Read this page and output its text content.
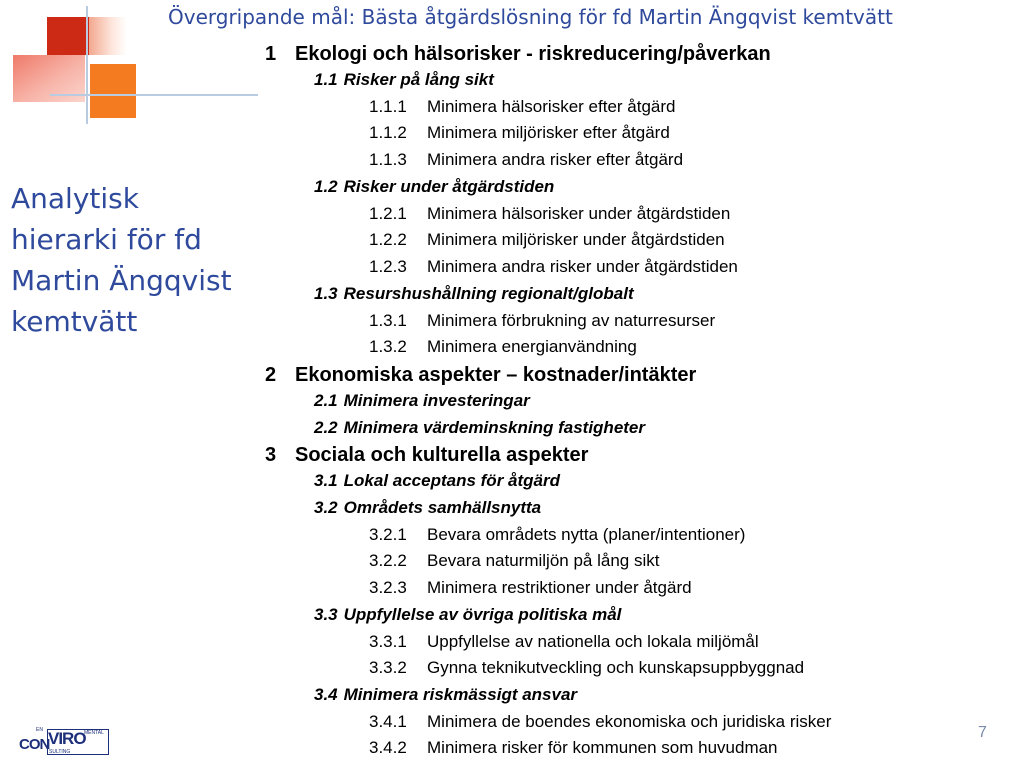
Övergripande mål: Bästa åtgärdslösning för fd Martin Ängqvist kemtvätt
Analytisk
hierarki för fd
Martin Ängqvist
kemtvätt
1 Ekologi och hälsorisker - riskreducering/påverkan
1.1 Risker på lång sikt
1.1.1 Minimera hälsorisker efter åtgärd
1.1.2 Minimera miljörisker efter åtgärd
1.1.3 Minimera andra risker efter åtgärd
1.2 Risker under åtgärdstiden
1.2.1 Minimera hälsorisker under åtgärdstiden
1.2.2 Minimera miljörisker under åtgärdstiden
1.2.3 Minimera andra risker under åtgärdstiden
1.3 Resurshushållning regionalt/globalt
1.3.1 Minimera förbrukning av naturresurser
1.3.2 Minimera energianvändning
2 Ekonomiska aspekter – kostnader/intäkter
2.1 Minimera investeringar
2.2 Minimera värdeminskning fastigheter
3 Sociala och kulturella aspekter
3.1 Lokal acceptans för åtgärd
3.2 Områdets samhällsnytta
3.2.1 Bevara områdets nytta (planer/intentioner)
3.2.2 Bevara naturmiljön på lång sikt
3.2.3 Minimera restriktioner under åtgärd
3.3 Uppfyllelse av övriga politiska mål
3.3.1 Uppfyllelse av nationella och lokala miljömål
3.3.2 Gynna teknikutveckling och kunskapsuppbyggnad
3.4 Minimera riskmässigt ansvar
3.4.1 Minimera de boendes ekonomiska och juridiska risker
3.4.2 Minimera risker för kommunen som huvudman
7
EN
CON
VIRO
MENTAL
SULTING
